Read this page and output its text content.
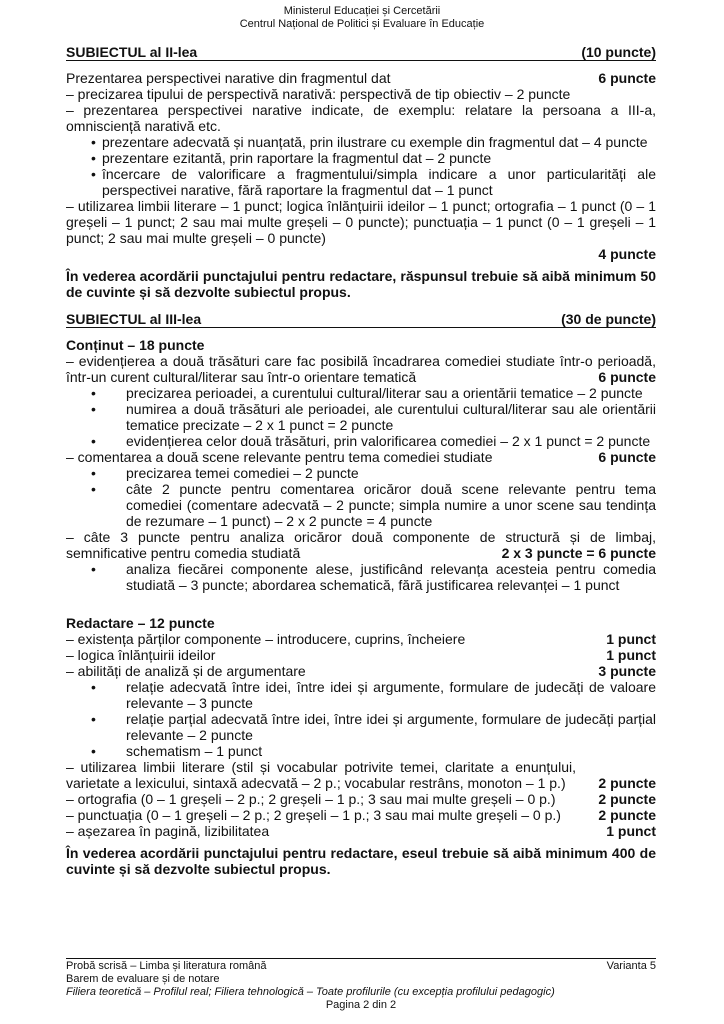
Ministerul Educației și Cercetării
Centrul Național de Politici și Evaluare în Educație
SUBIECTUL al II-lea	(10 puncte)
Prezentarea perspectivei narative din fragmentul dat	6 puncte
– precizarea tipului de perspectivă narativă: perspectivă de tip obiectiv – 2 puncte
– prezentarea perspectivei narative indicate, de exemplu: relatare la persoana a III-a, omnisciență narativă etc.
• prezentare adecvată și nuanțată, prin ilustrare cu exemple din fragmentul dat – 4 puncte
• prezentare ezitantă, prin raportare la fragmentul dat – 2 puncte
• încercare de valorificare a fragmentului/simpla indicare a unor particularități ale perspectivei narative, fără raportare la fragmentul dat – 1 punct
– utilizarea limbii literare – 1 punct; logica înlănțuirii ideilor – 1 punct; ortografia – 1 punct (0 – 1 greșeli – 1 punct; 2 sau mai multe greșeli – 0 puncte); punctuația – 1 punct (0 – 1 greșeli – 1 punct; 2 sau mai multe greșeli – 0 puncte)
4 puncte
În vederea acordării punctajului pentru redactare, răspunsul trebuie să aibă minimum 50 de cuvinte și să dezvolte subiectul propus.
SUBIECTUL al III-lea	(30 de puncte)
Conținut – 18 puncte
– evidențierea a două trăsături care fac posibilă încadrarea comediei studiate într-o perioadă, într-un curent cultural/literar sau într-o orientare tematică	6 puncte
• precizarea perioadei, a curentului cultural/literar sau a orientării tematice – 2 puncte
• numirea a două trăsături ale perioadei, ale curentului cultural/literar sau ale orientării tematice precizate – 2 x 1 punct = 2 puncte
• evidențierea celor două trăsături, prin valorificarea comediei – 2 x 1 punct = 2 puncte
– comentarea a două scene relevante pentru tema comediei studiate	6 puncte
• precizarea temei comediei – 2 puncte
• câte 2 puncte pentru comentarea oricăror două scene relevante pentru tema comediei (comentare adecvată – 2 puncte; simpla numire a unor scene sau tendința de rezumare – 1 punct) – 2 x 2 puncte = 4 puncte
– câte 3 puncte pentru analiza oricăror două componente de structură și de limbaj, semnificative pentru comedia studiată	2 x 3 puncte = 6 puncte
• analiza fiecărei componente alese, justificând relevanța acesteia pentru comedia studiată – 3 puncte; abordarea schematică, fără justificarea relevanței – 1 punct
Redactare – 12 puncte
– existența părților componente – introducere, cuprins, încheiere	1 punct
– logica înlănțuirii ideilor	1 punct
– abilități de analiză și de argumentare	3 puncte
• relație adecvată între idei, între idei și argumente, formulare de judecăți de valoare relevante – 3 puncte
• relație parțial adecvată între idei, între idei și argumente, formulare de judecăți parțial relevante – 2 puncte
• schematism – 1 punct
– utilizarea limbii literare (stil și vocabular potrivite temei, claritate a enunțului, varietate a lexicului, sintaxă adecvată – 2 p.; vocabular restrâns, monoton – 1 p.)	2 puncte
– ortografia (0 – 1 greșeli – 2 p.; 2 greșeli – 1 p.; 3 sau mai multe greșeli – 0 p.)	2 puncte
– punctuația (0 – 1 greșeli – 2 p.; 2 greșeli – 1 p.; 3 sau mai multe greșeli – 0 p.)	2 puncte
– așezarea în pagină, lizibilitatea	1 punct
În vederea acordării punctajului pentru redactare, eseul trebuie să aibă minimum 400 de cuvinte și să dezvolte subiectul propus.
Probă scrisă – Limba și literatura română	Varianta 5
Barem de evaluare și de notare
Filiera teoretică – Profilul real; Filiera tehnologică – Toate profilurile (cu excepția profilului pedagogic)
Pagina 2 din 2
